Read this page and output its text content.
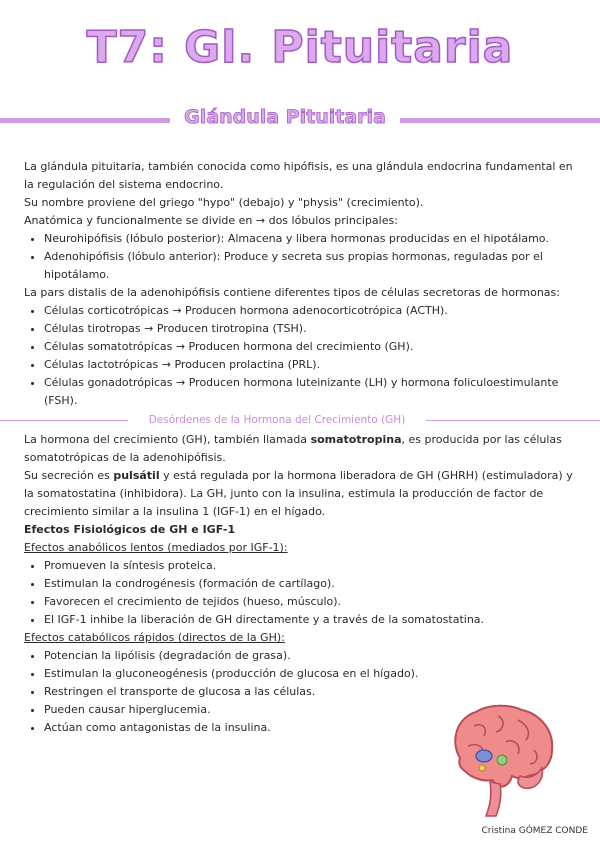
T7: Gl. Pituitaria
Glándula Pituitaria

La glándula pituitaria, también conocida como hipófisis, es una glándula endocrina fundamental en la regulación del sistema endocrino.

Su nombre proviene del griego "hypo" (debajo) y "physis" (crecimiento).

Anatómica y funcionalmente se divide en → dos lóbulos principales:

• Neurohipófisis (lóbulo posterior): Almacena y libera hormonas producidas en el hipotálamo.
• Adenohipófisis (lóbulo anterior): Produce y secreta sus propias hormonas, reguladas por el hipotálamo.

La pars distalis de la adenohipófisis contiene diferentes tipos de células secretoras de hormonas:

• Células corticotrópicas → Producen hormona adenocorticotrópica (ACTH).
• Células tirotropas → Producen tirotropina (TSH).
• Células somatotrópicas → Producen hormona del crecimiento (GH).
• Células lactotrópicas → Producen prolactina (PRL).
• Células gonadotrópicas → Producen hormona luteinizante (LH) y hormona foliculoestimulante (FSH).
Desórdenes de la Hormona del Crecimiento (GH)

La hormona del crecimiento (GH), también llamada somatotropina, es producida por las células somatotrópicas de la adenohipófisis.

Su secreción es pulsátil y está regulada por la hormona liberadora de GH (GHRH) (estimuladora) y la somatostatina (inhibidora). La GH, junto con la insulina, estimula la producción de factor de crecimiento similar a la insulina 1 (IGF-1) en el hígado.

Efectos Fisiológicos de GH e IGF-1

Efectos anabólicos lentos (mediados por IGF-1):

• Promueven la síntesis proteica.
• Estimulan la condrogénesis (formación de cartílago).
• Favorecen el crecimiento de tejidos (hueso, músculo).
• El IGF-1 inhibe la liberación de GH directamente y a través de la somatostatina.

Efectos catabólicos rápidos (directos de la GH):

• Potencian la lipólisis (degradación de grasa).
• Estimulan la gluconeogénesis (producción de glucosa en el hígado).
• Restringen el transporte de glucosa a las células.
• Pueden causar hiperglucemia.
• Actúan como antagonistas de la insulina.
Cristina GÓMEZ CONDE
